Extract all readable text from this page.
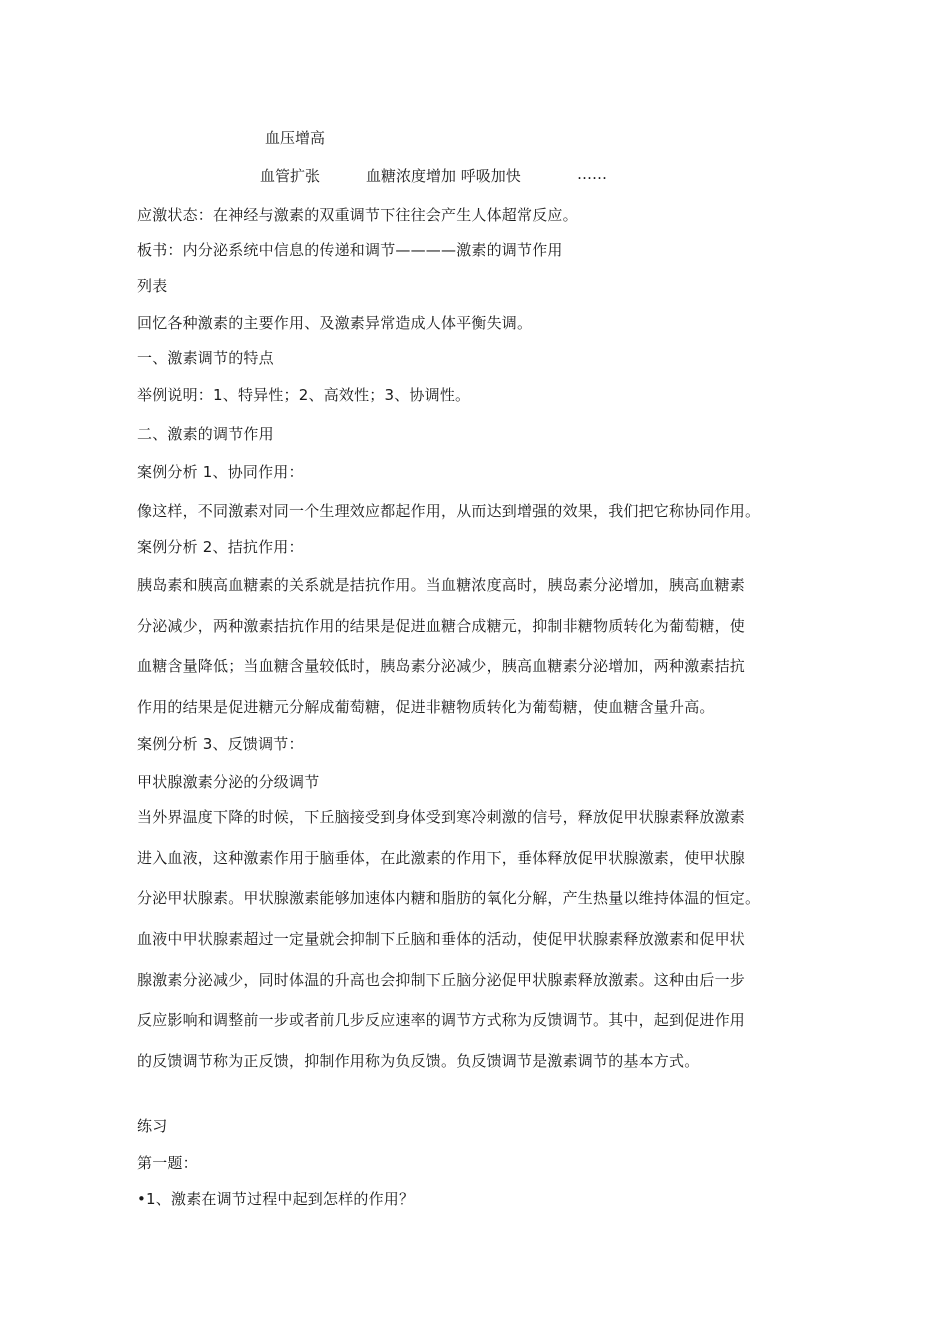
血压增高
血管扩张	血糖浓度增加 呼吸加快	……
应激状态：在神经与激素的双重调节下往往会产生人体超常反应。
板书：内分泌系统中信息的传递和调节————激素的调节作用
列表
回忆各种激素的主要作用、及激素异常造成人体平衡失调。
一、激素调节的特点
举例说明：1、特异性；2、高效性；3、协调性。
二、激素的调节作用
案例分析 1、协同作用：
像这样，不同激素对同一个生理效应都起作用，从而达到增强的效果，我们把它称协同作用。
案例分析 2、拮抗作用：
胰岛素和胰高血糖素的关系就是拮抗作用。当血糖浓度高时，胰岛素分泌增加，胰高血糖素
分泌减少，两种激素拮抗作用的结果是促进血糖合成糖元，抑制非糖物质转化为葡萄糖，使
血糖含量降低；当血糖含量较低时，胰岛素分泌减少，胰高血糖素分泌增加，两种激素拮抗
作用的结果是促进糖元分解成葡萄糖，促进非糖物质转化为葡萄糖，使血糖含量升高。
案例分析 3、反馈调节：
甲状腺激素分泌的分级调节
当外界温度下降的时候，下丘脑接受到身体受到寒冷刺激的信号，释放促甲状腺素释放激素
进入血液，这种激素作用于脑垂体，在此激素的作用下，垂体释放促甲状腺激素，使甲状腺
分泌甲状腺素。甲状腺激素能够加速体内糖和脂肪的氧化分解，产生热量以维持体温的恒定。
血液中甲状腺素超过一定量就会抑制下丘脑和垂体的活动，使促甲状腺素释放激素和促甲状
腺激素分泌减少，同时体温的升高也会抑制下丘脑分泌促甲状腺素释放激素。这种由后一步
反应影响和调整前一步或者前几步反应速率的调节方式称为反馈调节。其中，起到促进作用
的反馈调节称为正反馈，抑制作用称为负反馈。负反馈调节是激素调节的基本方式。
练习
第一题：
•1、激素在调节过程中起到怎样的作用？
